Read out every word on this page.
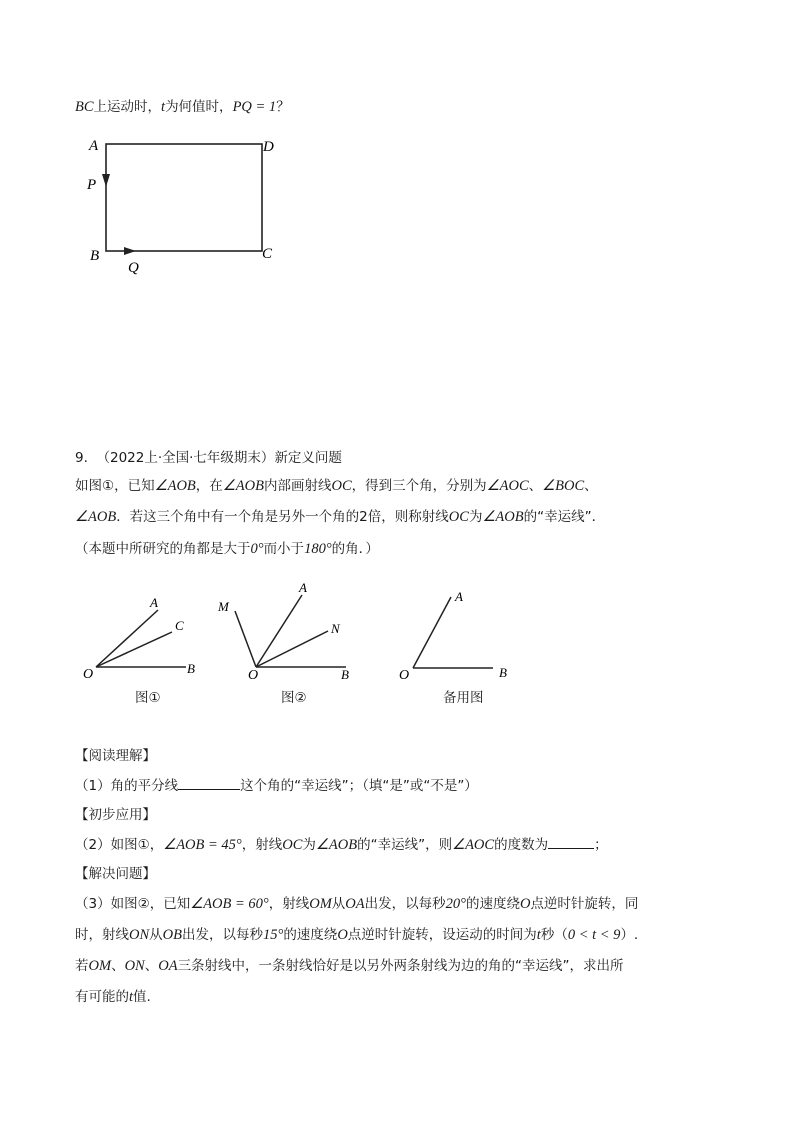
BC上运动时，t为何值时，PQ = 1？
A	D
P
B	C
Q
9. （2022上·全国·七年级期末）新定义问题
如图①，已知∠AOB，在∠AOB内部画射线OC，得到三个角，分别为∠AOC、∠BOC、
∠AOB．若这三个角中有一个角是另外一个角的2倍，则称射线OC为∠AOB的“幸运线”．
（本题中所研究的角都是大于0°而小于180°的角．）
O
A
C
B
图①
O
M
A
N
B
图②
O
A
B
备用图
【阅读理解】
（1）角的平分线	这个角的“幸运线”；（填“是”或“不是”）
【初步应用】
（2）如图①，∠AOB = 45°，射线OC为∠AOB的“幸运线”，则∠AOC的度数为	；
【解决问题】
（3）如图②，已知∠AOB = 60°，射线OM从OA出发，以每秒20°的速度绕O点逆时针旋转，同
时，射线ON从OB出发，以每秒15°的速度绕O点逆时针旋转，设运动的时间为t秒（0 < t < 9）.
若OM、ON、OA三条射线中，一条射线恰好是以另外两条射线为边的角的“幸运线”，求出所
有可能的t值.
